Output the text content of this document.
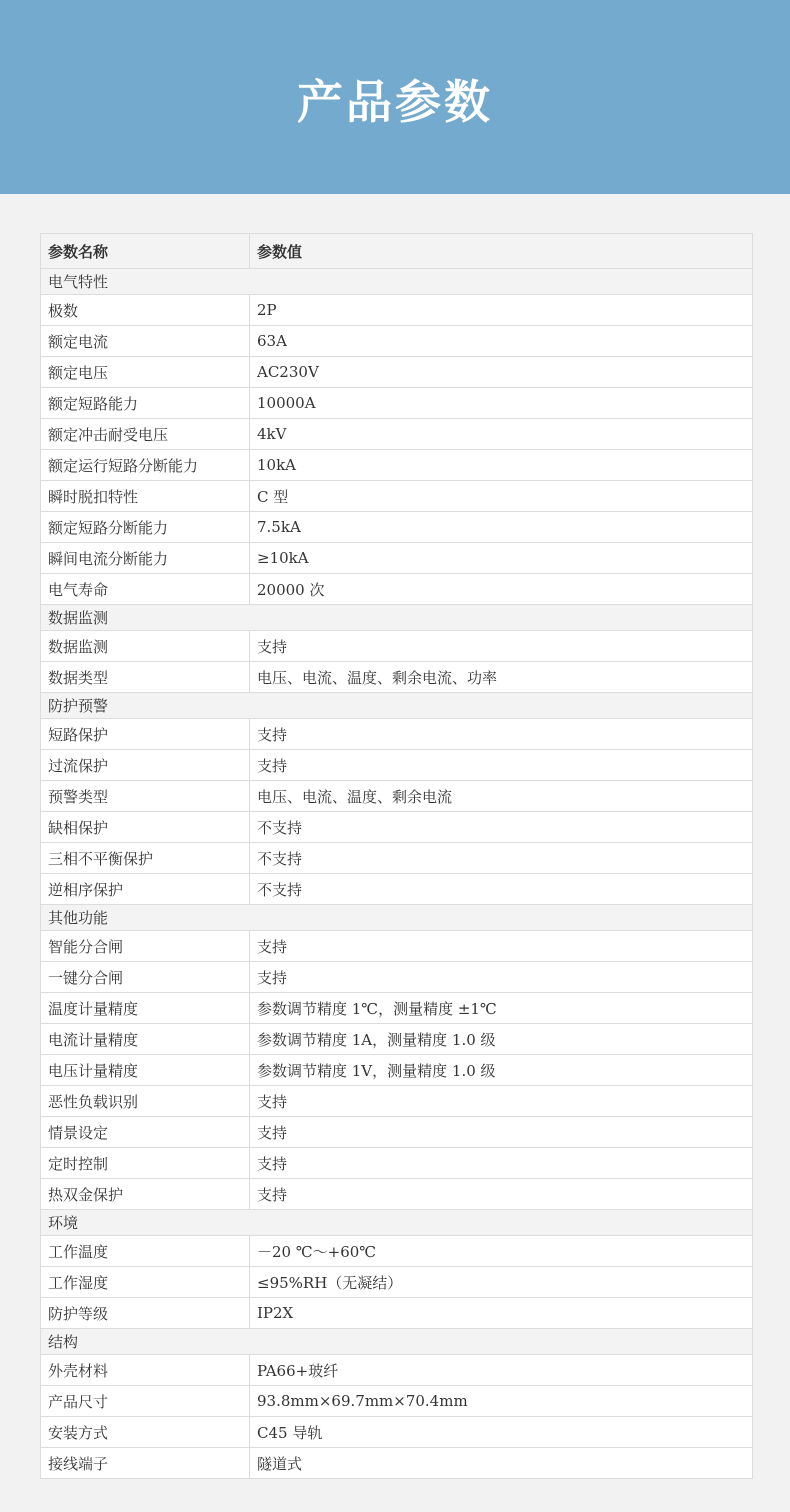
产品参数
参数名称	参数值
电气特性	
极数	2P
额定电流	63A
额定电压	AC230V
额定短路能力	10000A
额定冲击耐受电压	4kV
额定运行短路分断能力	10kA
瞬时脱扣特性	C 型
额定短路分断能力	7.5kA
瞬间电流分断能力	≥10kA
电气寿命	20000 次
数据监测	
数据监测	支持
数据类型	电压、电流、温度、剩余电流、功率
防护预警	
短路保护	支持
过流保护	支持
预警类型	电压、电流、温度、剩余电流
缺相保护	不支持
三相不平衡保护	不支持
逆相序保护	不支持
其他功能	
智能分合闸	支持
一键分合闸	支持
温度计量精度	参数调节精度 1℃，测量精度 ±1℃
电流计量精度	参数调节精度 1A，测量精度 1.0 级
电压计量精度	参数调节精度 1V，测量精度 1.0 级
恶性负载识别	支持
情景设定	支持
定时控制	支持
热双金保护	支持
环境	
工作温度	－20 ℃～+60℃
工作湿度	≤95%RH（无凝结）
防护等级	IP2X
结构	
外壳材料	PA66+玻纤
产品尺寸	93.8mm×69.7mm×70.4mm
安装方式	C45 导轨
接线端子	隧道式
